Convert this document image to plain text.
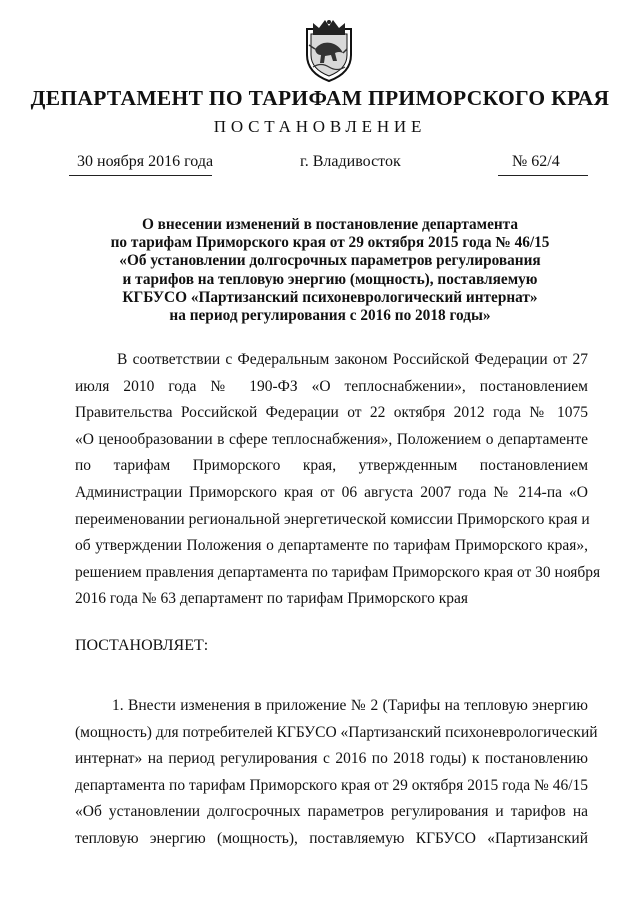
ДЕПАРТАМЕНТ ПО ТАРИФАМ ПРИМОРСКОГО КРАЯ
ПОСТАНОВЛЕНИЕ
30 ноября 2016 года	г. Владивосток	№ 62/4
О внесении изменений в постановление департамента
по тарифам Приморского края от 29 октября 2015 года № 46/15
«Об установлении долгосрочных параметров регулирования
и тарифов на тепловую энергию (мощность), поставляемую
КГБУСО «Партизанский психоневрологический интернат»
на период регулирования с 2016 по 2018 годы»
В соответствии с Федеральным законом Российской Федерации от 27
июля 2010 года № 190-ФЗ «О теплоснабжении», постановлением
Правительства Российской Федерации от 22 октября 2012 года № 1075
«О ценообразовании в сфере теплоснабжения», Положением о департаменте
по тарифам Приморского края, утвержденным постановлением
Администрации Приморского края от 06 августа 2007 года № 214-па «О
переименовании региональной энергетической комиссии Приморского края и
об утверждении Положения о департаменте по тарифам Приморского края»,
решением правления департамента по тарифам Приморского края от 30 ноября
2016 года № 63 департамент по тарифам Приморского края
ПОСТАНОВЛЯЕТ:
1. Внести изменения в приложение № 2 (Тарифы на тепловую энергию
(мощность) для потребителей КГБУСО «Партизанский психоневрологический
интернат» на период регулирования с 2016 по 2018 годы) к постановлению
департамента по тарифам Приморского края от 29 октября 2015 года № 46/15
«Об установлении долгосрочных параметров регулирования и тарифов на
тепловую энергию (мощность), поставляемую КГБУСО «Партизанский
